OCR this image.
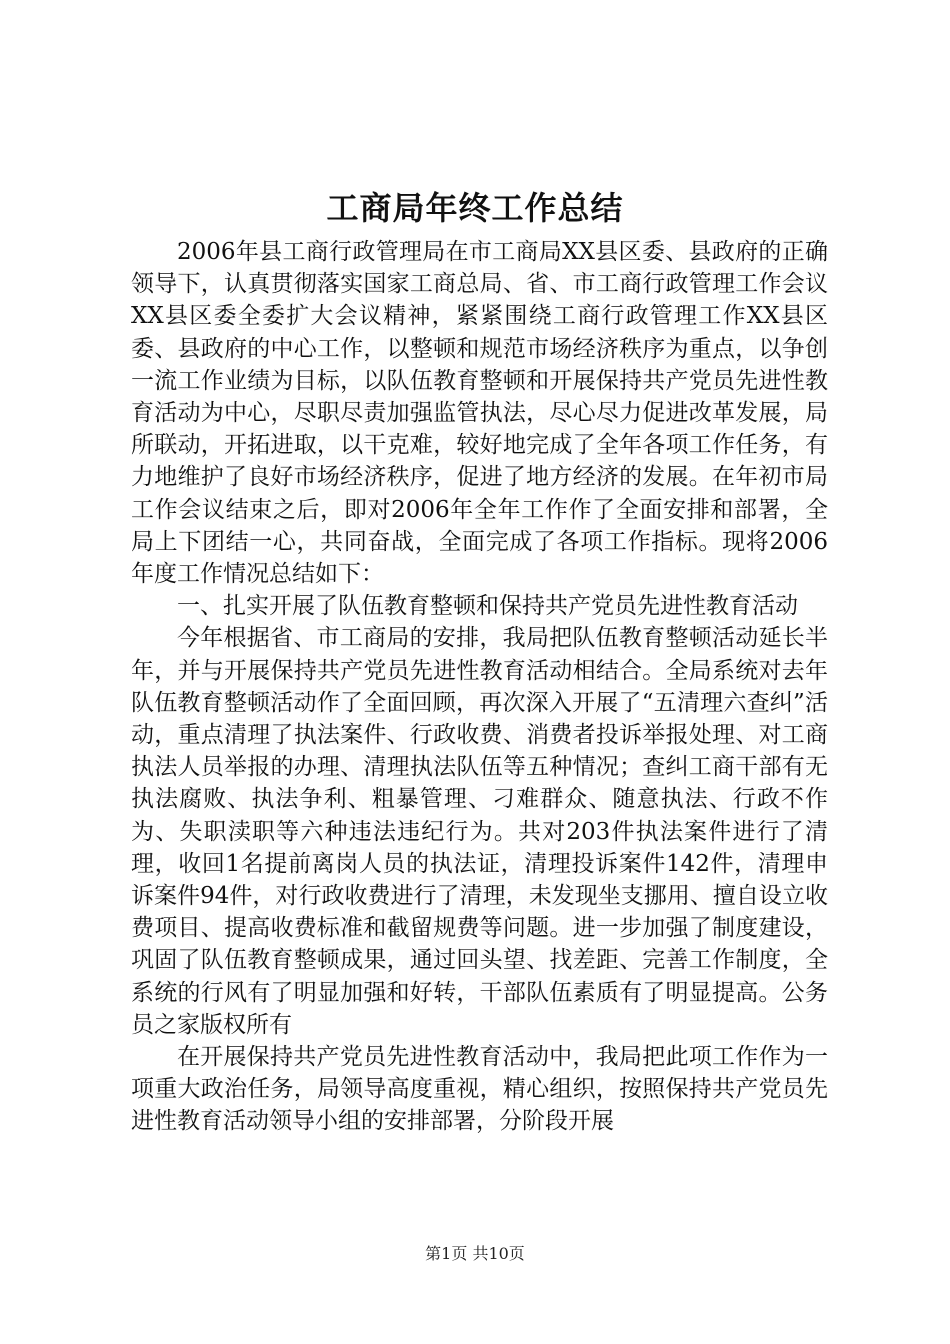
工商局年终工作总结

2006年县工商行政管理局在市工商局XX县区委、县政府的正确领导下，认真贯彻落实国家工商总局、省、市工商行政管理工作会议XX县区委全委扩大会议精神，紧紧围绕工商行政管理工作XX县区委、县政府的中心工作，以整顿和规范市场经济秩序为重点，以争创一流工作业绩为目标，以队伍教育整顿和开展保持共产党员先进性教育活动为中心，尽职尽责加强监管执法，尽心尽力促进改革发展，局所联动，开拓进取，以干克难，较好地完成了全年各项工作任务，有力地维护了良好市场经济秩序，促进了地方经济的发展。在年初市局工作会议结束之后，即对2006年全年工作作了全面安排和部署，全局上下团结一心，共同奋战，全面完成了各项工作指标。现将2006年度工作情况总结如下：

一、扎实开展了队伍教育整顿和保持共产党员先进性教育活动

今年根据省、市工商局的安排，我局把队伍教育整顿活动延长半年，并与开展保持共产党员先进性教育活动相结合。全局系统对去年队伍教育整顿活动作了全面回顾，再次深入开展了“五清理六查纠”活动，重点清理了执法案件、行政收费、消费者投诉举报处理、对工商执法人员举报的办理、清理执法队伍等五种情况；查纠工商干部有无执法腐败、执法争利、粗暴管理、刁难群众、随意执法、行政不作为、失职渎职等六种违法违纪行为。共对203件执法案件进行了清理，收回1名提前离岗人员的执法证，清理投诉案件142件，清理申诉案件94件，对行政收费进行了清理，未发现坐支挪用、擅自设立收费项目、提高收费标准和截留规费等问题。进一步加强了制度建设，巩固了队伍教育整顿成果，通过回头望、找差距、完善工作制度，全系统的行风有了明显加强和好转，干部队伍素质有了明显提高。公务员之家版权所有

在开展保持共产党员先进性教育活动中，我局把此项工作作为一项重大政治任务，局领导高度重视，精心组织，按照保持共产党员先进性教育活动领导小组的安排部署，分阶段开展

第1页 共10页
